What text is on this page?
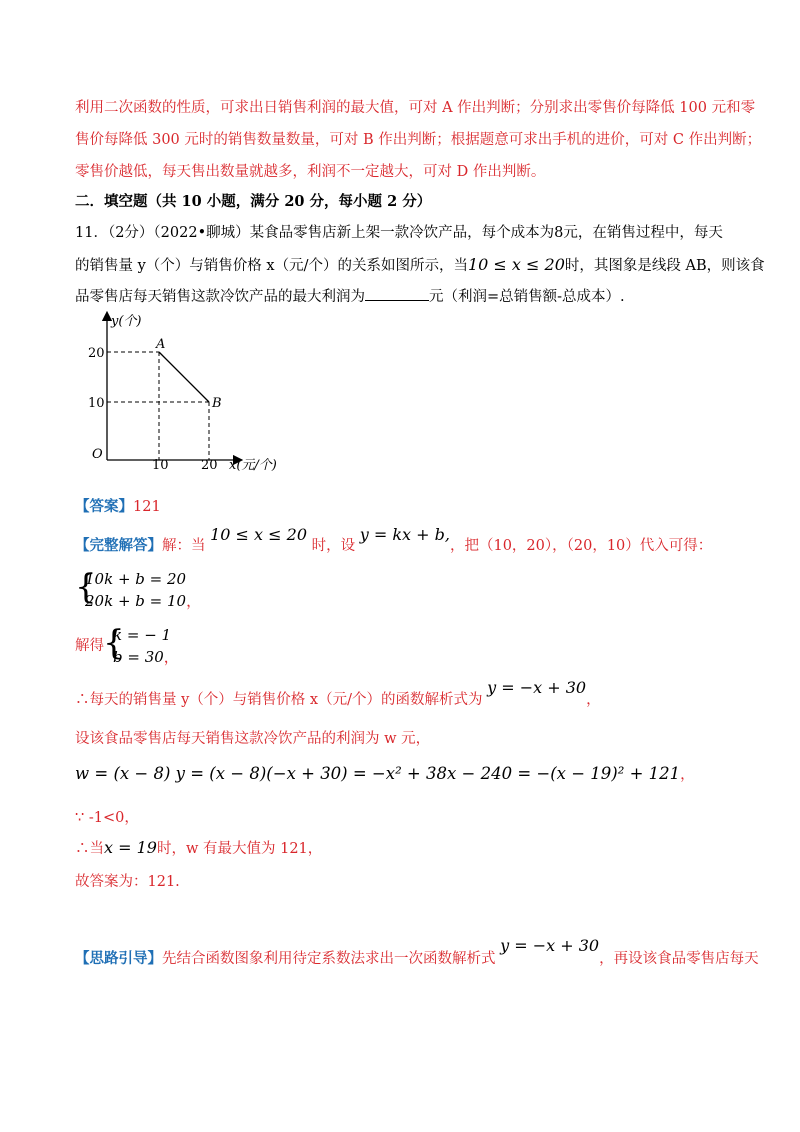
利用二次函数的性质，可求出日销售利润的最大值，可对 A 作出判断；分别求出零售价每降低 100 元和零
售价每降低 300 元时的销售数量数量，可对 B 作出判断；根据题意可求出手机的进价，可对 C 作出判断；
零售价越低，每天售出数量就越多，利润不一定越大，可对 D 作出判断。
二．填空题（共 10 小题，满分 20 分，每小题 2 分）
11．（2分）（2022•聊城）某食品零售店新上架一款冷饮产品，每个成本为8元，在销售过程中，每天
的销售量 y（个）与销售价格 x（元/个）的关系如图所示，当10 ≤ x ≤ 20时，其图象是线段 AB，则该食
品零售店每天销售这款冷饮产品的最大利润为	元（利润=总销售额-总成本）.
y(个)
x(元/个)
O
A
B
20
10
10 20
【答案】121
【完整解答】解：当 10 ≤ x ≤ 20 时，设 y = kx + b,，把（10，20），（20，10）代入可得：
{
10k + b = 20
20k + b = 10，
解得 {
k = − 1
b = 30，
∴每天的销售量 y（个）与销售价格 x（元/个）的函数解析式为 y = −x + 30，
设该食品零售店每天销售这款冷饮产品的利润为 w 元，
w = (x − 8) y = (x − 8)(−x + 30) = −x² + 38x − 240 = −(x − 19)² + 121，
∵ -1<0，
∴当x = 19时，w 有最大值为 121，
故答案为：121.
【思路引导】先结合函数图象利用待定系数法求出一次函数解析式 y = −x + 30，再设该食品零售店每天
